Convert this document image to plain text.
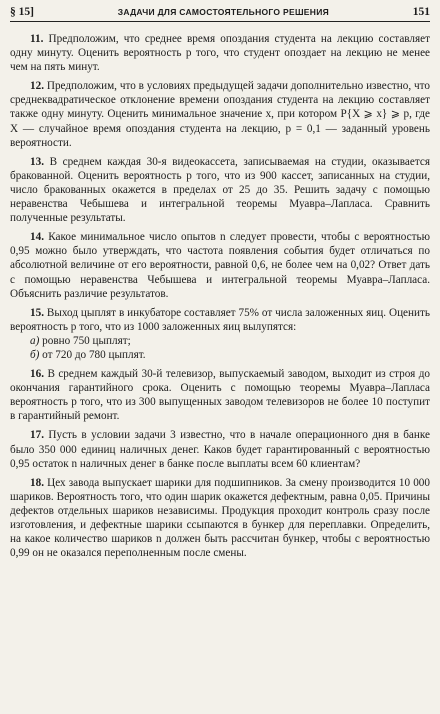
§ 15]	ЗАДАЧИ ДЛЯ САМОСТОЯТЕЛЬНОГО РЕШЕНИЯ	151

11. Предположим, что среднее время опоздания студента на лекцию составляет одну минуту. Оценить вероятность p того, что студент опоздает на лекцию не менее чем на пять минут.

12. Предположим, что в условиях предыдущей задачи дополнительно известно, что среднеквадратическое отклонение времени опоздания студента на лекцию составляет также одну минуту. Оценить минимальное значение x, при котором P{X ⩾ x} ⩾ p, где X — случайное время опоздания студента на лекцию, p = 0,1 — заданный уровень вероятности.

13. В среднем каждая 30-я видеокассета, записываемая на студии, оказывается бракованной. Оценить вероятность p того, что из 900 кассет, записанных на студии, число бракованных окажется в пределах от 25 до 35. Решить задачу с помощью неравенства Чебышева и интегральной теоремы Муавра–Лапласа. Сравнить полученные результаты.

14. Какое минимальное число опытов n следует провести, чтобы с вероятностью 0,95 можно было утверждать, что частота появления события будет отличаться по абсолютной величине от его вероятности, равной 0,6, не более чем на 0,02? Ответ дать с помощью неравенства Чебышева и интегральной теоремы Муавра–Лапласа. Объяснить различие результатов.

15. Выход цыплят в инкубаторе составляет 75% от числа заложенных яиц. Оценить вероятность p того, что из 1000 заложенных яиц вылупятся:

а) ровно 750 цыплят;

б) от 720 до 780 цыплят.

16. В среднем каждый 30-й телевизор, выпускаемый заводом, выходит из строя до окончания гарантийного срока. Оценить с помощью теоремы Муавра–Лапласа вероятность p того, что из 300 выпущенных заводом телевизоров не более 10 поступит в гарантийный ремонт.

17. Пусть в условии задачи 3 известно, что в начале операционного дня в банке было 350 000 единиц наличных денег. Каков будет гарантированный с вероятностью 0,95 остаток n наличных денег в банке после выплаты всем 60 клиентам?

18. Цех завода выпускает шарики для подшипников. За смену производится 10 000 шариков. Вероятность того, что один шарик окажется дефектным, равна 0,05. Причины дефектов отдельных шариков независимы. Продукция проходит контроль сразу после изготовления, и дефектные шарики ссыпаются в бункер для переплавки. Определить, на какое количество шариков n должен быть рассчитан бункер, чтобы с вероятностью 0,99 он не оказался переполненным после смены.
